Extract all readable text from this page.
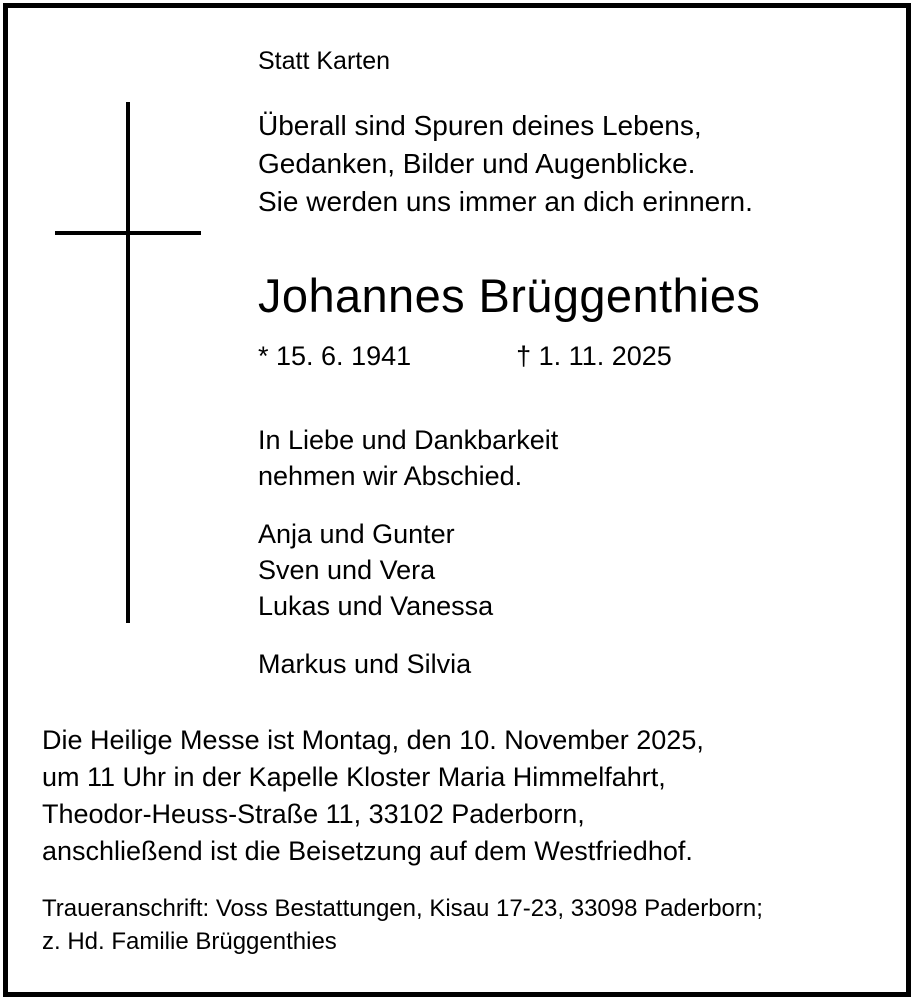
Statt Karten
Überall sind Spuren deines Lebens,
Gedanken, Bilder und Augenblicke.
Sie werden uns immer an dich erinnern.
Johannes Brüggenthies
* 15. 6. 1941	† 1. 11. 2025
In Liebe und Dankbarkeit
nehmen wir Abschied.
Anja und Gunter
Sven und Vera
Lukas und Vanessa
Markus und Silvia
Die Heilige Messe ist Montag, den 10. November 2025,
um 11 Uhr in der Kapelle Kloster Maria Himmelfahrt,
Theodor-Heuss-Straße 11, 33102 Paderborn,
anschließend ist die Beisetzung auf dem Westfriedhof.
Traueranschrift: Voss Bestattungen, Kisau 17-23, 33098 Paderborn;
z. Hd. Familie Brüggenthies
